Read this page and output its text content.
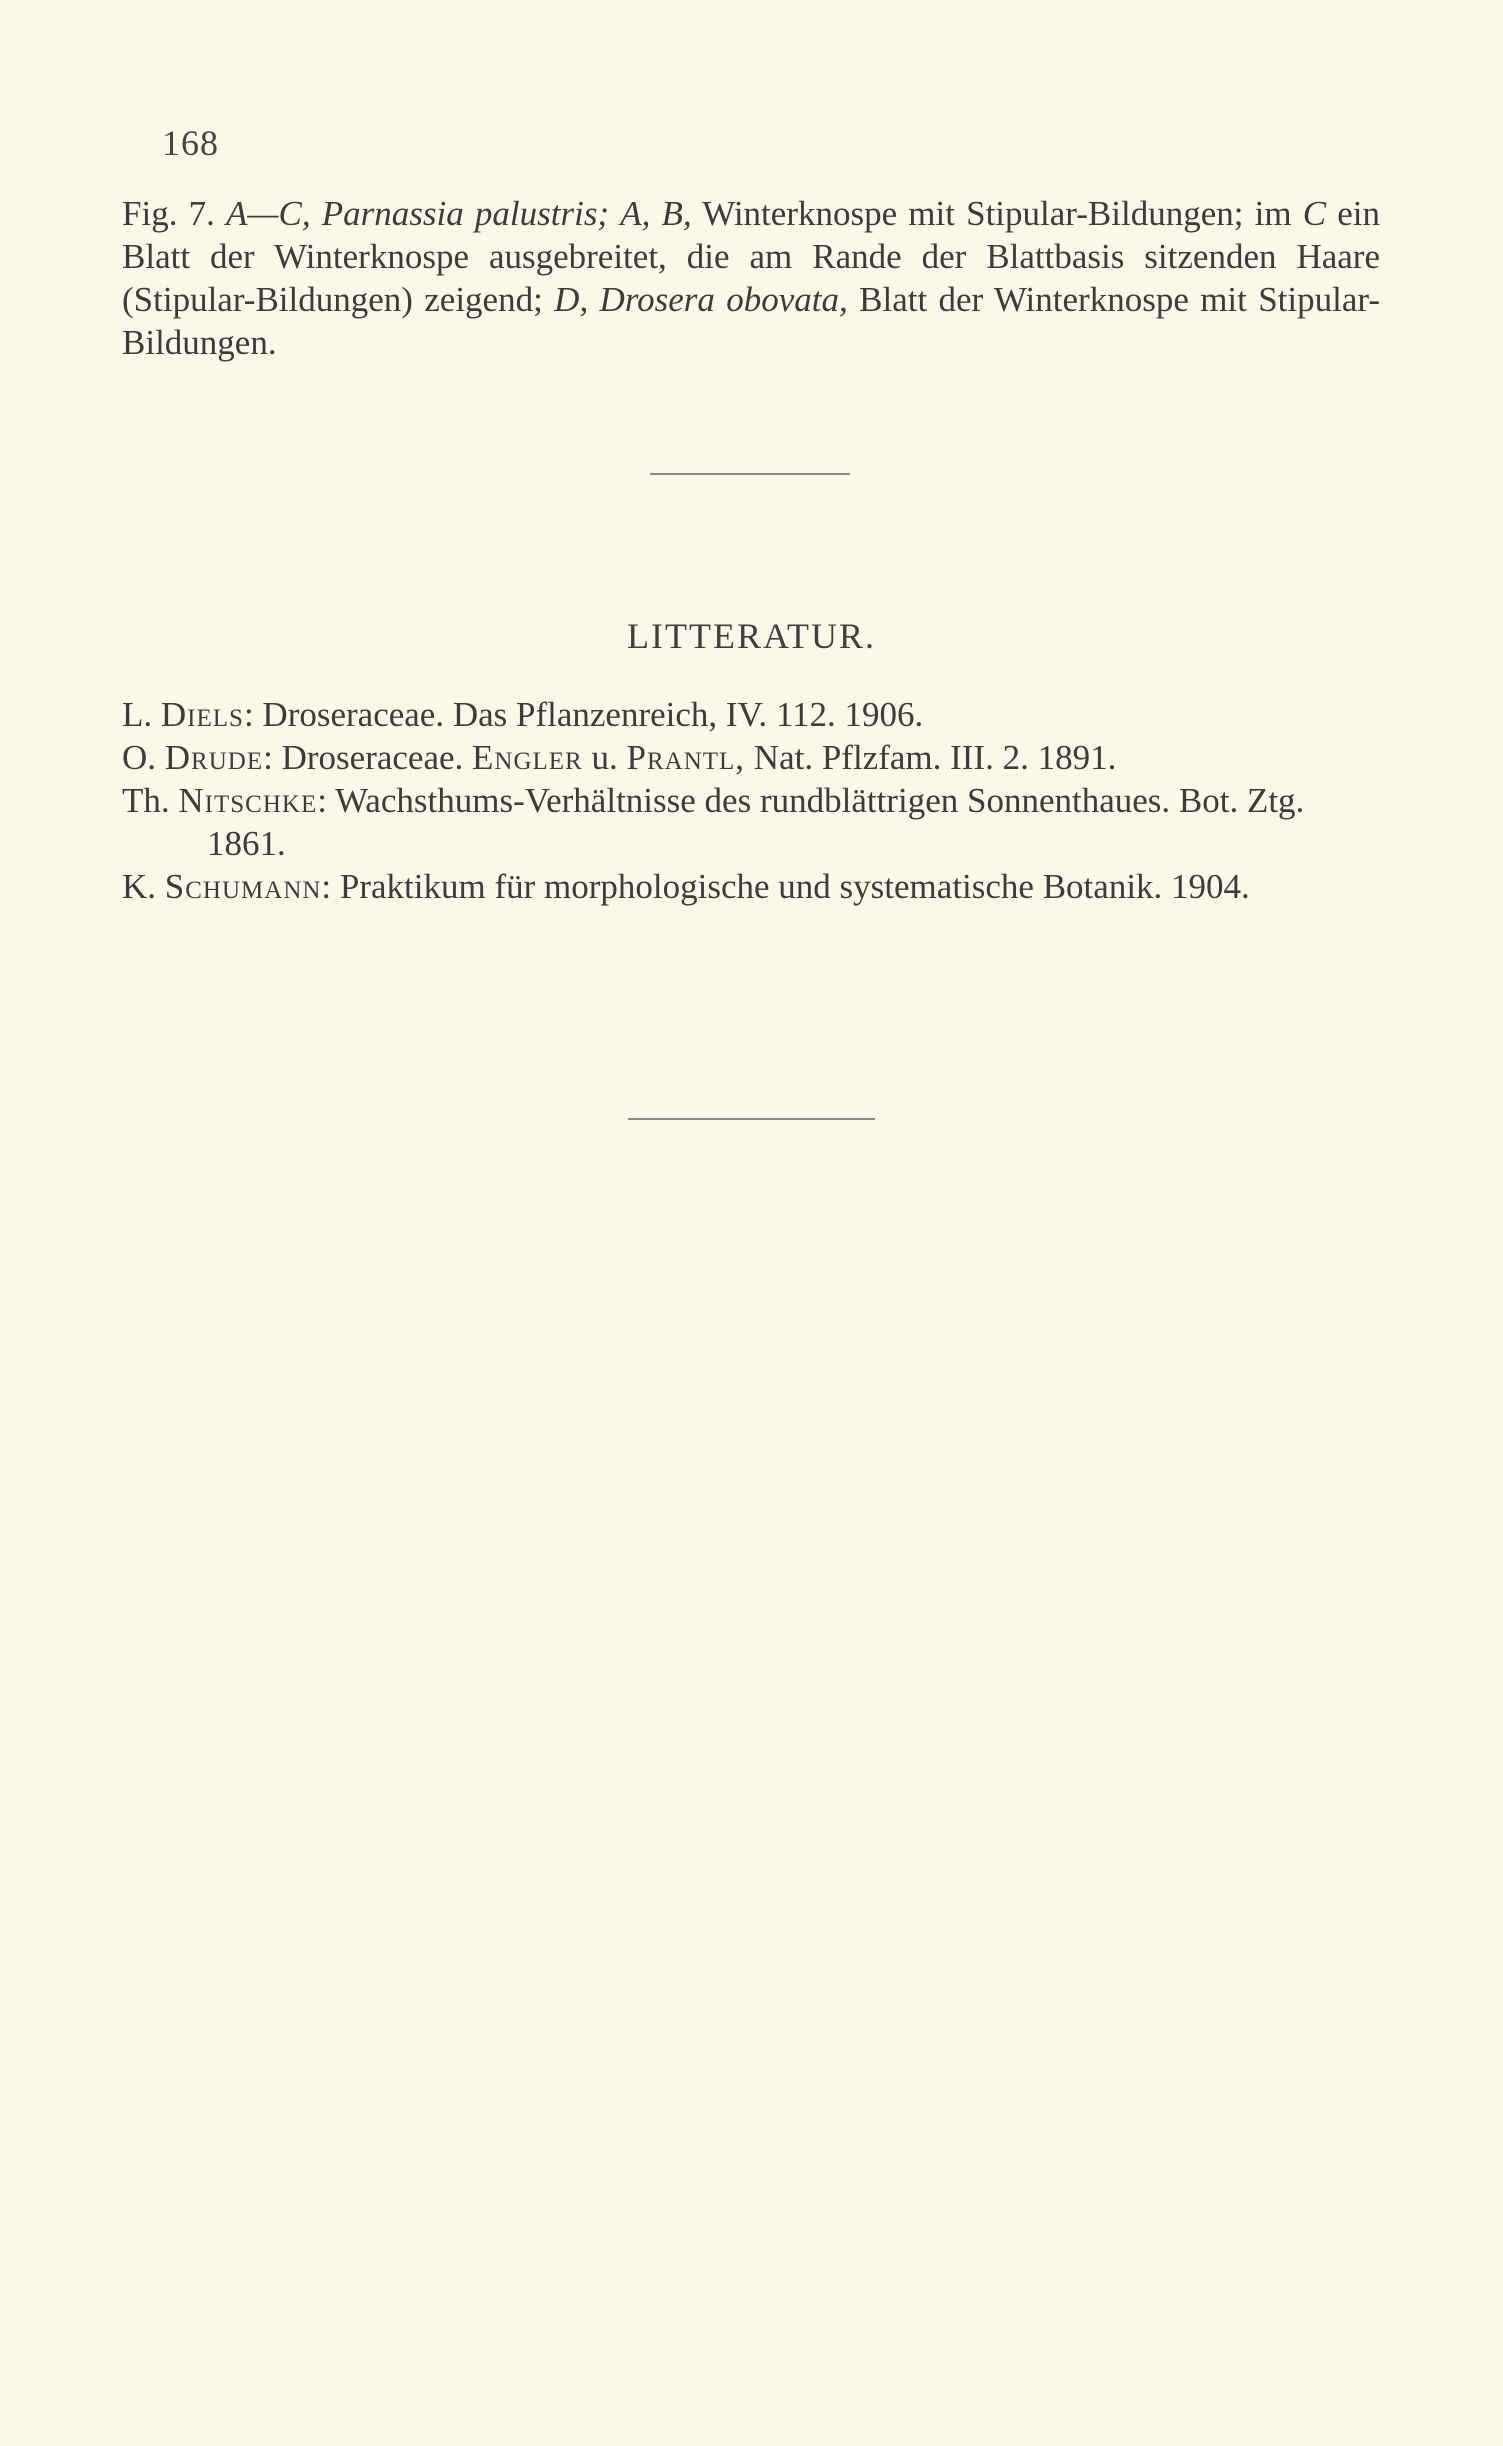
168
Fig. 7. A—C, Parnassia palustris; A, B, Winterknospe mit Stipular-Bildungen; im C ein Blatt der Winterknospe ausgebreitet, die am Rande der Blattbasis sitzenden Haare (Stipular-Bildungen) zeigend; D, Drosera obovata, Blatt der Winterknospe mit Stipular-Bildungen.
LITTERATUR.
L. Diels: Droseraceae. Das Pflanzenreich, IV. 112. 1906.
O. Drude: Droseraceae. Engler u. Prantl, Nat. Pflzfam. III. 2. 1891.
Th. Nitschke: Wachsthums-Verhältnisse des rundblättrigen Sonnenthaues. Bot. Ztg. 1861.
K. Schumann: Praktikum für morphologische und systematische Botanik. 1904.
